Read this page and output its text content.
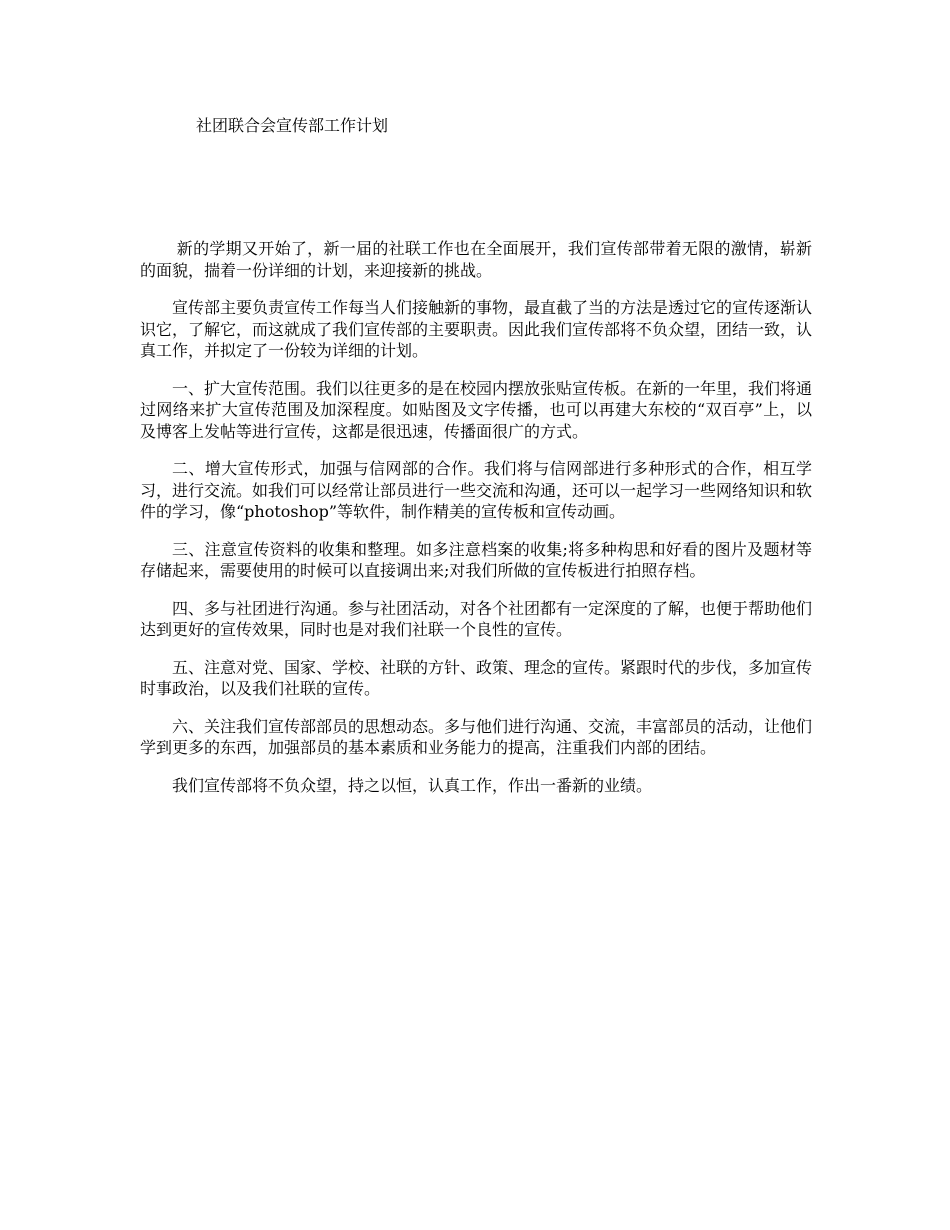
社团联合会宣传部工作计划

新的学期又开始了，新一届的社联工作也在全面展开，我们宣传部带着无限的激情，崭新的面貌，揣着一份详细的计划，来迎接新的挑战。

宣传部主要负责宣传工作每当人们接触新的事物，最直截了当的方法是透过它的宣传逐渐认识它，了解它，而这就成了我们宣传部的主要职责。因此我们宣传部将不负众望，团结一致，认真工作，并拟定了一份较为详细的计划。

一、扩大宣传范围。我们以往更多的是在校园内摆放张贴宣传板。在新的一年里，我们将通过网络来扩大宣传范围及加深程度。如贴图及文字传播，也可以再建大东校的“双百亭”上，以及博客上发帖等进行宣传，这都是很迅速，传播面很广的方式。

二、增大宣传形式，加强与信网部的合作。我们将与信网部进行多种形式的合作，相互学习，进行交流。如我们可以经常让部员进行一些交流和沟通，还可以一起学习一些网络知识和软件的学习，像“photoshop”等软件，制作精美的宣传板和宣传动画。

三、注意宣传资料的收集和整理。如多注意档案的收集;将多种构思和好看的图片及题材等存储起来，需要使用的时候可以直接调出来;对我们所做的宣传板进行拍照存档。

四、多与社团进行沟通。参与社团活动，对各个社团都有一定深度的了解，也便于帮助他们达到更好的宣传效果，同时也是对我们社联一个良性的宣传。

五、注意对党、国家、学校、社联的方针、政策、理念的宣传。紧跟时代的步伐，多加宣传时事政治，以及我们社联的宣传。

六、关注我们宣传部部员的思想动态。多与他们进行沟通、交流，丰富部员的活动，让他们学到更多的东西，加强部员的基本素质和业务能力的提高，注重我们内部的团结。

我们宣传部将不负众望，持之以恒，认真工作，作出一番新的业绩。
